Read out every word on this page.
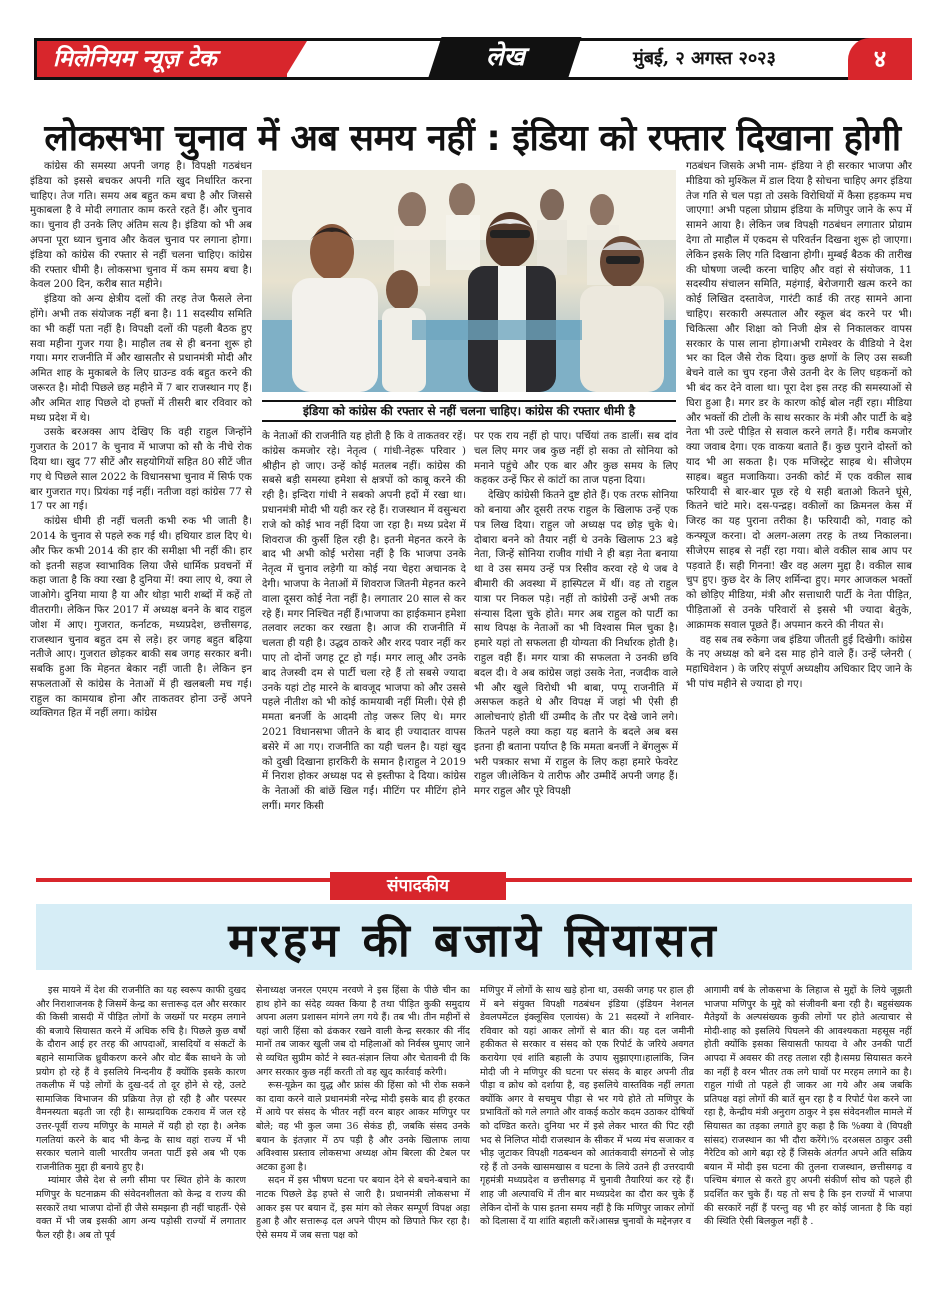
मिलेनियम न्यूज़ टेक	लेख	मुंबई, २ अगस्त २०२३	४
लोकसभा चुनाव में अब समय नहीं : इंडिया को रफ्तार दिखाना होगी

कांग्रेस की समस्या अपनी जगह है। विपक्षी गठबंधन इंडिया को इससे बचकर अपनी गति खुद निर्धारित करना चाहिए। तेज गति। समय अब बहुत कम बचा है और जिससे मुकाबला है वे मोदी लगातार काम करते रहते हैं। और चुनाव का। चुनाव ही उनके लिए अंतिम सत्य है। इंडिया को भी अब अपना पूरा ध्यान चुनाव और केवल चुनाव पर लगाना होगा।इंडिया को कांग्रेस की रफ्तार से नहीं चलना चाहिए। कांग्रेस की रफ्तार धीमी है। लोकसभा चुनाव में कम समय बचा है। केवल 200 दिन, करीब सात महीने।

इंडिया को अन्य क्षेत्रीय दलों की तरह तेज फैसले लेना होंगे। अभी तक संयोजक नहीं बना है। 11 सदस्यीय समिति का भी कहीं पता नहीं है। विपक्षी दलों की पहली बैठक हुए सवा महीना गुजर गया है। माहौल तब से ही बनना शुरू हो गया। मगर राजनीति में और खासतौर से प्रधानमंत्री मोदी और अमित शाह के मुकाबले के लिए ग्राउन्ड वर्क बहुत करने की जरूरत है। मोदी पिछले छह महीने में 7 बार राजस्थान गए हैं। और अमित शाह पिछले दो हफ्तों में तीसरी बार रविवार को मध्य प्रदेश में थे।

उसके बरअक्स आप देखिए कि वही राहुल जिन्होंने गुजरात के 2017 के चुनाव में भाजपा को सौ के नीचे रोक दिया था। खुद 77 सीटें और सहयोगियों सहित 80 सीटें जीत गए थे पिछले साल 2022 के विधानसभा चुनाव में सिर्फ एक बार गुजरात गए। प्रियंका गई नहीं। नतीजा वहां कांग्रेस 77 से 17 पर आ गई।

कांग्रेस धीमी ही नहीं चलती कभी रुक भी जाती है। 2014 के चुनाव से पहले रुक गई थी। हथियार डाल दिए थे। और फिर कभी 2014 की हार की समीक्षा भी नहीं की। हार को इतनी सहज स्वाभाविक लिया जैसे धार्मिक प्रवचनों में कहा जाता है कि क्या रखा है दुनिया में! क्या लाए थे, क्या ले जाओगे। दुनिया माया है या और थोड़ा भारी शब्दों में कहें तो वीतरागी। लेकिन फिर 2017 में अध्यक्ष बनने के बाद राहुल जोश में आए। गुजरात, कर्नाटक, मध्यप्रदेश, छत्तीसगढ़, राजस्थान चुनाव बहुत दम से लड़े। हर जगह बहुत बढ़िया नतीजे आए। गुजरात छोड़कर बाकी सब जगह सरकार बनी। सबकि हुआ कि मेहनत बेकार नहीं जाती है। लेकिन इन सफलताओं से कांग्रेस के नेताओं में ही खलबली मच गई। राहुल का कामयाब होना और ताकतवर होना उन्हें अपने व्यक्तिगत हित में नहीं लगा। कांग्रेस

इंडिया को कांग्रेस की रफ्तार से नहीं चलना चाहिए। कांग्रेस की रफ्तार धीमी है

के नेताओं की राजनीति यह होती है कि वे ताकतवर रहें। कांग्रेस कमजोर रहे। नेतृत्व ( गांधी-नेहरू परिवार ) श्रीहीन हो जाए। उन्हें कोई मतलब नहीं। कांग्रेस की सबसे बड़ी समस्या हमेशा से क्षत्रपों को काबू करने की रही है। इन्दिरा गांधी ने सबको अपनी हदों में रखा था। प्रधानमंत्री मोदी भी यही कर रहे हैं। राजस्थान में वसुन्धरा राजे को कोई भाव नहीं दिया जा रहा है। मध्य प्रदेश में शिवराज की कुर्सी हिल रही है। इतनी मेहनत करने के बाद भी अभी कोई भरोसा नहीं है कि भाजपा उनके नेतृत्व में चुनाव लड़ेगी या कोई नया चेहरा अचानक दे देगी। भाजपा के नेताओं में शिवराज जितनी मेहनत करने वाला दूसरा कोई नेता नहीं है। लगातार 20 साल से कर रहे हैं। मगर निश्चित नहीं हैं।भाजपा का हाईकमान हमेशा तलवार लटका कर रखता है। आज की राजनीति में चलता ही यही है। उद्धव ठाकरे और शरद पवार नहीं कर पाए तो दोनों जगह टूट हो गई। मगर लालू और उनके बाद तेजस्वी दम से पार्टी चला रहे हैं तो सबसे ज्यादा उनके यहां टोह मारने के बावजूद भाजपा को और उससे पहले नीतीश को भी कोई कामयाबी नहीं मिली। ऐसे ही ममता बनर्जी के आदमी तोड़ जरूर लिए थे। मगर 2021 विधानसभा जीतने के बाद ही ज्यादातर वापस बसेरे में आ गए। राजनीति का यही चलन है। यहां खुद को दुखी दिखाना हारकिरी के समान है।राहुल ने 2019 में निराश होकर अध्यक्ष पद से इस्तीफा दे दिया। कांग्रेस के नेताओं की बांछें खिल गईं। मीटिंग पर मीटिंग होने लगीं। मगर किसी

पर एक राय नहीं हो पाए। पर्चियां तक डालीं। सब दांव चल लिए मगर जब कुछ नहीं हो सका तो सोनिया को मनाने पहुंचे और एक बार और कुछ समय के लिए कहकर उन्हें फिर से कांटों का ताज पहना दिया।

देखिए कांग्रेसी कितने दुष्ट होते हैं। एक तरफ सोनिया को बनाया और दूसरी तरफ राहुल के खिलाफ उन्हें एक पत्र लिख दिया। राहुल जो अध्यक्ष पद छोड़ चुके थे। दोबारा बनने को तैयार नहीं थे उनके खिलाफ 23 बड़े नेता, जिन्हें सोनिया राजीव गांधी ने ही बड़ा नेता बनाया था वे उस समय उन्हें पत्र रिसीव करवा रहे थे जब वे बीमारी की अवस्था में हास्पिटल में थीं। वह तो राहुल यात्रा पर निकल पड़े। नहीं तो कांग्रेसी उन्हें अभी तक संन्यास दिला चुके होते। मगर अब राहुल को पार्टी का साथ विपक्ष के नेताओं का भी विश्वास मिल चुका है। हमारे यहां तो सफलता ही योग्यता की निर्धारक होती है। राहुल वही हैं। मगर यात्रा की सफलता ने उनकी छवि बदल दी। वे अब कांग्रेस जहां उसके नेता, नजदीक वाले भी और खुले विरोधी भी बाबा, पप्पू राजनीति में असफल कहते थे और विपक्ष में जहां भी ऐसी ही आलोचनाएं होती थीं उम्मीद के तौर पर देखे जाने लगे। कितने पहले क्या कहा यह बताने के बदले अब बस इतना ही बताना पर्याप्त है कि ममता बनर्जी ने बेंगलुरू में भरी पत्रकार सभा में राहुल के लिए कहा हमारे फेवरेट राहुल जी।लेकिन ये तारीफ और उम्मीदें अपनी जगह हैं। मगर राहुल और पूरे विपक्षी

गठबंधन जिसके अभी नाम- इंडिया ने ही सरकार भाजपा और मीडिया को मुश्किल में डाल दिया है सोचना चाहिए अगर इंडिया तेज गति से चल पड़ा तो उसके विरोधियों में कैसा हड़कम्प मच जाएगा! अभी पहला प्रोग्राम इंडिया के मणिपुर जाने के रूप में सामने आया है। लेकिन जब विपक्षी गठबंधन लगातार प्रोग्राम देगा तो माहौल में एकदम से परिवर्तन दिखना शुरू हो जाएगा। लेकिन इसके लिए गति दिखाना होगी। मुम्बई बैठक की तारीख की घोषणा जल्दी करना चाहिए और वहां से संयोजक, 11 सदस्यीय संचालन समिति, महंगाई, बेरोजगारी खत्म करने का कोई लिखित दस्तावेज, गारंटी कार्ड की तरह सामने आना चाहिए। सरकारी अस्पताल और स्कूल बंद करने पर भी। चिकित्सा और शिक्षा को निजी क्षेत्र से निकालकर वापस सरकार के पास लाना होगा।अभी रामेश्वर के वीडियो ने देश भर का दिल जैसे रोक दिया। कुछ क्षणों के लिए उस सब्जी बेचने वाले का चुप रहना जैसे उतनी देर के लिए धड़कनों को भी बंद कर देने वाला था। पूरा देश इस तरह की समस्याओं से घिरा हुआ है। मगर डर के कारण कोई बोल नहीं रहा। मीडिया और भक्तों की टोली के साथ सरकार के मंत्री और पार्टी के बड़े नेता भी उल्टे पीड़ित से सवाल करने लगते हैं। गरीब कमजोर क्या जवाब देगा। एक वाकया बताते हैं। कुछ पुराने दोस्तों को याद भी आ सकता है। एक मजिस्ट्रेट साहब थे। सीजेएम साहब। बहुत मजाकिया। उनकी कोर्ट में एक वकील साब फरियादी से बार-बार पूछ रहे थे सही बताओ कितने घूंसे, कितने चांटे मारे। दस-पन्द्रह। वकीलों का क्रिमनल केस में जिरह का यह पुराना तरीका है। फरियादी को, गवाह को कन्फ्यूज करना। दो अलग-अलग तरह के तथ्य निकालना।सीजेएम साहब से नहीं रहा गया। बोले वकील साब आप पर पड़वाते हैं। सही गिनना! खैर वह अलग मुद्दा है। वकील साब चुप हुए। कुछ देर के लिए शर्मिन्दा हुए। मगर आजकल भक्तों को छोड़िए मीडिया, मंत्री और सत्ताधारी पार्टी के नेता पीड़ित, पीड़िताओं से उनके परिवारों से इससे भी ज्यादा बेतुके, आक्रामक सवाल पूछते हैं। अपमान करने की नीयत से।

वह सब तब रुकेगा जब इंडिया जीतती हुई दिखेगी। कांग्रेस के नए अध्यक्ष को बने दस माह होने वाले हैं। उन्हें प्लेनरी ( महाधिवेशन ) के जरिए संपूर्ण अध्यक्षीय अधिकार दिए जाने के भी पांच महीने से ज्यादा हो गए।

संपादकीय
मरहम की बजाये सियासत

इस मायने में देश की राजनीति का यह स्वरूप काफी दुखद और निराशाजनक है जिसमें केन्द्र का सत्तारूढ़ दल और सरकार की किसी त्रासदी में पीड़ित लोगों के जख्मों पर मरहम लगाने की बजाये सियासत करने में अधिक रुचि है। पिछले कुछ वर्षों के दौरान आई हर तरह की आपदाओं, त्रासदियों व संकटों के बहाने सामाजिक ध्रुवीकरण करने और वोट बैंक साधने के जो प्रयोग हो रहे हैं वे इसलिये निन्दनीय हैं क्योंकि इसके कारण तकलीफ में पड़े लोगों के दुख-दर्द तो दूर होने से रहे, उलटे सामाजिक विभाजन की प्रक्रिया तेज़ हो रही है और परस्पर वैमनस्यता बढ़ती जा रही है। साम्प्रदायिक टकराव में जल रहे उत्तर-पूर्वी राज्य मणिपुर के मामले में यही हो रहा है। अनेक गलतियां करने के बाद भी केन्द्र के साथ वहां राज्य में भी सरकार चलाने वाली भारतीय जनता पार्टी इसे अब भी एक राजनीतिक मुद्दा ही बनाये हुए है।

म्यांमार जैसे देश से लगी सीमा पर स्थित होने के कारण मणिपुर के घटनाक्रम की संवेदनशीलता को केन्द्र व राज्य की सरकारें तथा भाजपा दोनों ही जैसे समझना ही नहीं चाहतीं- ऐसे वक्त में भी जब इसकी आग अन्य पड़ोसी राज्यों में लगातार फैल रही है। अब तो पूर्व

सेनाध्यक्ष जनरल एमएम नरवणे ने इस हिंसा के पीछे चीन का हाथ होने का संदेह व्यक्त किया है तथा पीड़ित कुकी समुदाय अपना अलग प्रशासन मांगने लग गये हैं। तब भी। तीन महीनों से यहां जारी हिंसा को ढंककर रखने वाली केन्द्र सरकार की नींद मानों तब जाकर खुली जब दो महिलाओं को निर्वस्त्र घुमाए जाने से व्यथित सुप्रीम कोर्ट ने स्वत-संज्ञान लिया और चेतावनी दी कि अगर सरकार कुछ नहीं करती तो वह खुद कार्रवाई करेगी।

रूस-यूक्रेन का युद्ध और फ्रांस की हिंसा को भी रोक सकने का दावा करने वाले प्रधानमंत्री नरेन्द्र मोदी इसके बाद ही हरकत में आये पर संसद के भीतर नहीं वरन बाहर आकर मणिपुर पर बोले; वह भी कुल जमा 36 सेकंड ही, जबकि संसद उनके बयान के इंतज़ार में ठप पड़ी है और उनके खिलाफ लाया अविश्वास प्रस्ताव लोकसभा अध्यक्ष ओम बिरला की टेबल पर अटका हुआ है।

सदन में इस भीषण घटना पर बयान देने से बचने-बचाने का नाटक पिछले डेढ़ हफ्ते से जारी है। प्रधानमंत्री लोकसभा में आकर इस पर बयान दें, इस मांग को लेकर सम्पूर्ण विपक्ष अड़ा हुआ है और सत्तारूढ़ दल अपने पीएम को छिपाते फिर रहा है। ऐसे समय में जब सत्ता पक्ष को

मणिपुर में लोगों के साथ खड़े होना था, उसकी जगह पर हाल ही में बने संयुक्त विपक्षी गठबंधन इंडिया (इंडियन नेशनल डेवलपमेंटल इंक्लूसिव एलायंस) के 21 सदस्यों ने शनिवार-रविवार को यहां आकर लोगों से बात की। यह दल जमीनी हकीकत से सरकार व संसद को एक रिपोर्ट के जरिये अवगत करायेगा एवं शांति बहाली के उपाय सुझाएगा।हालांकि, जिन मोदी जी ने मणिपुर की घटना पर संसद के बाहर अपनी तीव्र पीड़ा व क्रोध को दर्शाया है, वह इसलिये वास्तविक नहीं लगता क्योंकि अगर वे सचमुच पीड़ा से भर गये होते तो मणिपुर के प्रभावितों को गले लगाते और वाकई कठोर कदम उठाकर दोषियों को दण्डित करते। दुनिया भर में इसे लेकर भारत की पिट रही भद से निलिप्त मोदी राजस्थान के सीकर में भव्य मंच सजाकर व भीड़ जुटाकर विपक्षी गठबन्धन को आतंकवादी संगठनों से जोड़ रहे हैं तो उनके खासमखास व घटना के लिये उतने ही उत्तरदायी गृहमंत्री मध्यप्रदेश व छत्तीसगढ़ में चुनावी तैयारियां कर रहे हैं। शाह जी अल्पावधि में तीन बार मध्यप्रदेश का दौरा कर चुके हैं लेकिन दोनों के पास इतना समय नहीं है कि मणिपुर जाकर लोगों को दिलासा दें या शांति बहाली करें।आसन्न चुनावों के मद्देनज़र व

आगामी वर्ष के लोकसभा के लिहाज से मुद्दों के लिये जूझती भाजपा मणिपुर के मुद्दे को संजीवनी बना रही है। बहुसंख्यक मैतेइयों के अल्पसंख्यक कुकी लोगों पर होते अत्याचार से मोदी-शाह को इसलिये पिघलने की आवश्यकता महसूस नहीं होती क्योंकि इसका सियासती फायदा वे और उनकी पार्टी आपदा में अवसर की तरह तलाश रही है।समग्र सियासत करने का नहीं है वरन भीतर तक लगे घावों पर मरहम लगाने का है। राहुल गांधी तो पहले ही जाकर आ गये और अब जबकि प्रतिपक्ष वहां लोगों की बातें सुन रहा है व रिपोर्ट पेश करने जा रहा है, केन्द्रीय मंत्री अनुराग ठाकुर ने इस संवेदनशील मामले में सियासत का तड़का लगाते हुए कहा है कि %क्या वे (विपक्षी सांसद) राजस्थान का भी दौरा करेंगे।% दरअसल ठाकुर उसी नैरेटिव को आगे बढ़ा रहे हैं जिसके अंतर्गत अपने अति सक्रिय बयान में मोदी इस घटना की तुलना राजस्थान, छत्तीसगढ़ व पश्चिम बंगाल से करते हुए अपनी संकीर्ण सोच को पहले ही प्रदर्शित कर चुके हैं। यह तो सच है कि इन राज्यों में भाजपा की सरकारें नहीं हैं परन्तु वह भी हर कोई जानता है कि वहां की स्थिति ऐसी बिलकुल नहीं है .
